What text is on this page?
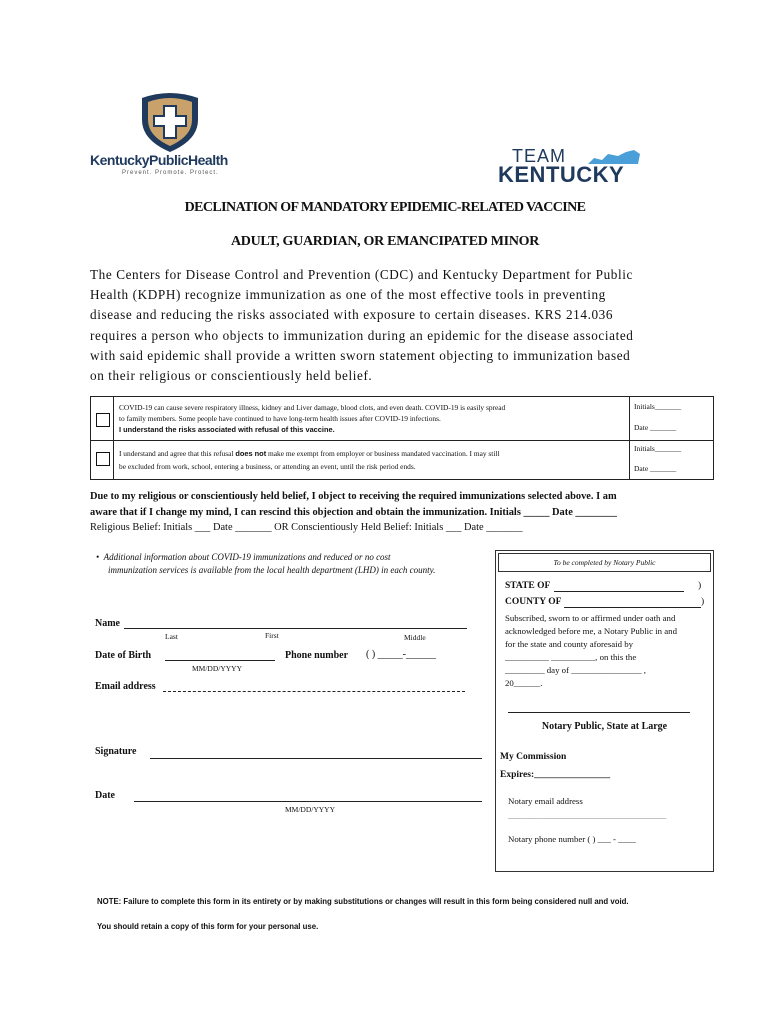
KentuckyPublicHealth
Prevent. Promote. Protect.
TEAM
KENTUCKY
DECLINATION OF MANDATORY EPIDEMIC-RELATED VACCINE
ADULT, GUARDIAN, OR EMANCIPATED MINOR
The Centers for Disease Control and Prevention (CDC) and Kentucky Department for Public
Health (KDPH) recognize immunization as one of the most effective tools in preventing
disease and reducing the risks associated with exposure to certain diseases. KRS 214.036
requires a person who objects to immunization during an epidemic for the disease associated
with said epidemic shall provide a written sworn statement objecting to immunization based
on their religious or conscientiously held belief.
COVID-19 can cause severe respiratory illness, kidney and Liver damage, blood clots, and even death. COVID-19 is easily spread
to family members. Some people have continued to have long-term health issues after COVID-19 infections.
I understand the risks associated with refusal of this vaccine.
Initials_______
Date _______
I understand and agree that this refusal does not make me exempt from employer or business mandated vaccination. I may still
be excluded from work, school, entering a business, or attending an event, until the risk period ends.
Initials_______
Date _______
Due to my religious or conscientiously held belief, I object to receiving the required immunizations selected above. I am
aware that if I change my mind, I can rescind this objection and obtain the immunization. Initials _____ Date ________
Religious Belief: Initials ___ Date _______ OR Conscientiously Held Belief: Initials ___ Date _______
•  Additional information about COVID-19 immunizations and reduced or no cost
immunization services is available from the local health department (LHD) in each county.
Name
Last	First	Middle
Date of Birth
MM/DD/YYYY
Phone number ( ) _____-______
Email address
Signature
Date
MM/DD/YYYY
To be completed by Notary Public
STATE OF	)
COUNTY OF	)
Subscribed, sworn to or affirmed under oath and
acknowledged before me, a Notary Public in and
for the state and county aforesaid by
__________ __________, on this the
_________ day of ________________ ,
20______.
Notary Public, State at Large
My Commission
Expires:________________
Notary email address
____________________________________
Notary phone number ( ) ___ - ____
NOTE: Failure to complete this form in its entirety or by making substitutions or changes will result in this form being considered null and void.
You should retain a copy of this form for your personal use.
